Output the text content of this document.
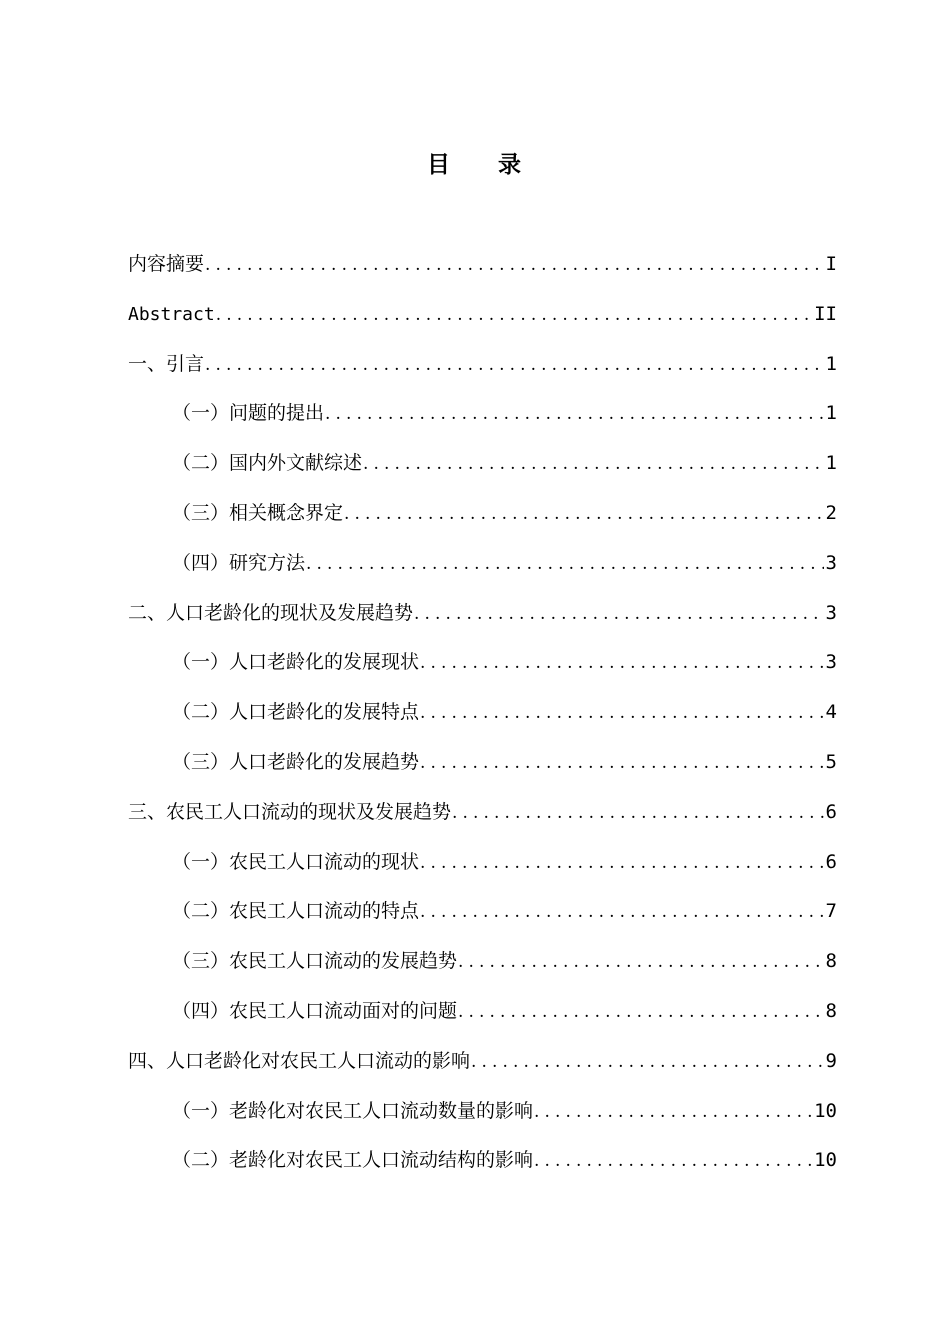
目 录
内容摘要 .....	I
Abstract .....	II
一、引言 .....	1
（一）问题的提出 .....	1
（二）国内外文献综述 .....	1
（三）相关概念界定 .....	2
（四）研究方法 .....	3
二、人口老龄化的现状及发展趋势 .....	3
（一）人口老龄化的发展现状 .....	3
（二）人口老龄化的发展特点 .....	4
（三）人口老龄化的发展趋势 .....	5
三、农民工人口流动的现状及发展趋势 .....	6
（一）农民工人口流动的现状 .....	6
（二）农民工人口流动的特点 .....	7
（三）农民工人口流动的发展趋势 .....	8
（四）农民工人口流动面对的问题 .....	8
四、人口老龄化对农民工人口流动的影响 .....	9
（一）老龄化对农民工人口流动数量的影响 .....	10
（二）老龄化对农民工人口流动结构的影响 .....	10
